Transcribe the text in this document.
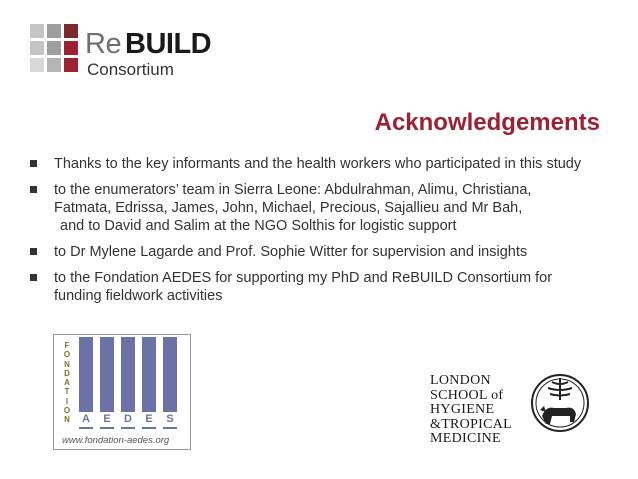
Re BUILD
Consortium
Acknowledgements
Thanks to the key informants and the health workers who participated in this study
to the enumerators’ team in Sierra Leone: Abdulrahman, Alimu, Christiana,
Fatmata, Edrissa, James, John, Michael, Precious, Sajallieu and Mr Bah,
and to David and Salim at the NGO Solthis for logistic support
to Dr Mylene Lagarde and Prof. Sophie Witter for supervision and insights
to the Fondation AEDES for supporting my PhD and ReBUILD Consortium for
funding fieldwork activities
F
O
N
D
A
T
I
O
N A	E	D	E	S
www.fondation-aedes.org
LONDON
SCHOOL of
HYGIENE
&TROPICAL
MEDICINE
